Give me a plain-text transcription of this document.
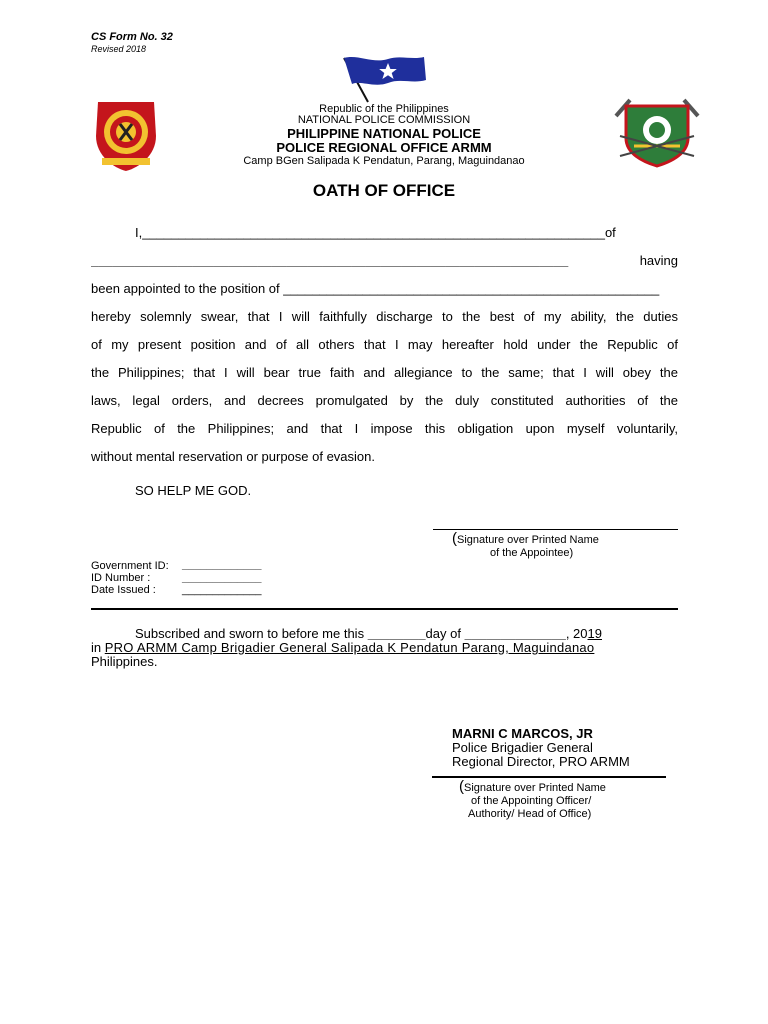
CS Form No. 32
Revised 2018
Republic of the Philippines
NATIONAL POLICE COMMISSION
PHILIPPINE NATIONAL POLICE
POLICE REGIONAL OFFICE ARMM
Camp BGen Salipada K Pendatun, Parang, Maguindanao
OATH OF OFFICE
I,________________________________________________________________of
__________________________________________________________________	having
been appointed to the position of ____________________________________________________
hereby solemnly swear, that I will faithfully discharge to the best of my ability, the duties
of my present position and of all others that I may hereafter hold under the Republic of
the Philippines; that I will bear true faith and allegiance to the same; that I will obey the
laws, legal orders, and decrees promulgated by the duly constituted authorities of the
Republic of the Philippines; and that I impose this obligation upon myself voluntarily,
without mental reservation or purpose of evasion.
SO HELP ME GOD.
(Signature over Printed Name
of the Appointee)
Government ID: _____________
ID Number :	_____________
Date Issued : _____________
Subscribed and sworn to before me this ________day of ______________, 2019
in PRO ARMM Camp Brigadier General Salipada K Pendatun Parang, Maguindanao
Philippines.
MARNI C MARCOS, JR
Police Brigadier General
Regional Director, PRO ARMM
(Signature over Printed Name
of the Appointing Officer/
Authority/ Head of Office)
